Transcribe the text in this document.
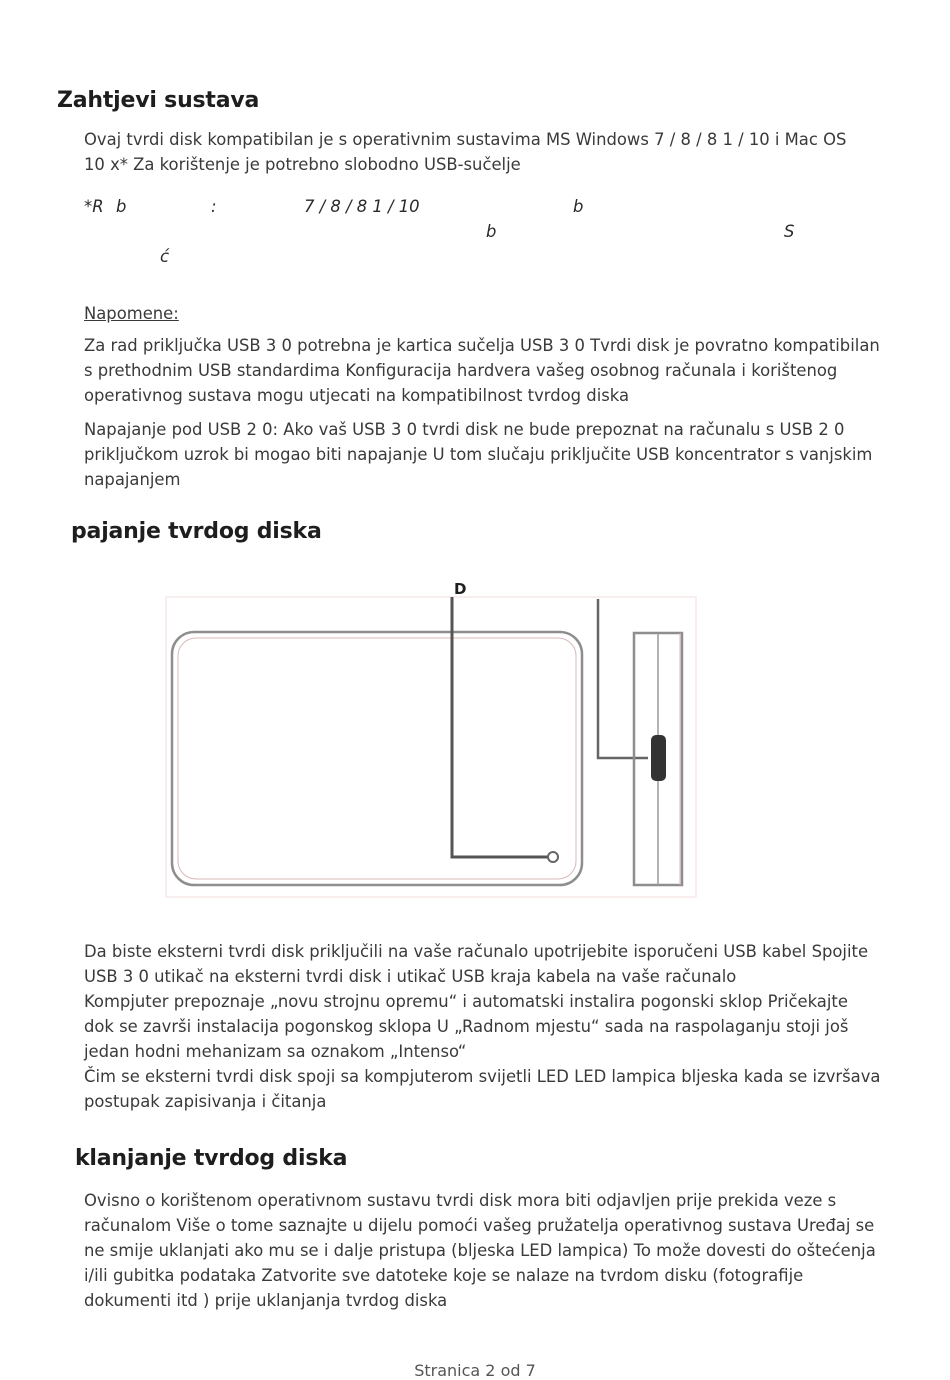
Zahtjevi sustava

Ovaj tvrdi disk kompatibilan je s operativnim sustavima MS Windows 7 / 8 / 8 1 / 10 i Mac OS
10 x* Za korištenje je potrebno slobodno USB-sučelje

*R b	:	7 / 8 / 8 1 / 10	b
b	S
ć

Napomene:

Za rad priključka USB 3 0 potrebna je kartica sučelja USB 3 0 Tvrdi disk je povratno kompatibilan
s prethodnim USB standardima Konfiguracija hardvera vašeg osobnog računala i korištenog
operativnog sustava mogu utjecati na kompatibilnost tvrdog diska

Napajanje pod USB 2 0: Ako vaš USB 3 0 tvrdi disk ne bude prepoznat na računalu s USB 2 0
priključkom uzrok bi mogao biti napajanje U tom slučaju priključite USB koncentrator s vanjskim
napajanjem

pajanje tvrdog diska
D

Da biste eksterni tvrdi disk priključili na vaše računalo upotrijebite isporučeni USB kabel Spojite
USB 3 0 utikač na eksterni tvrdi disk i utikač USB kraja kabela na vaše računalo
Kompjuter prepoznaje „novu strojnu opremu“ i automatski instalira pogonski sklop Pričekajte
dok se završi instalacija pogonskog sklopa U „Radnom mjestu“ sada na raspolaganju stoji još
jedan hodni mehanizam sa oznakom „Intenso“
Čim se eksterni tvrdi disk spoji sa kompjuterom svijetli LED LED lampica bljeska kada se izvršava
postupak zapisivanja i čitanja

klanjanje tvrdog diska

Ovisno o korištenom operativnom sustavu tvrdi disk mora biti odjavljen prije prekida veze s
računalom Više o tome saznajte u dijelu pomoći vašeg pružatelja operativnog sustava Uređaj se
ne smije uklanjati ako mu se i dalje pristupa (bljeska LED lampica) To može dovesti do oštećenja
i/ili gubitka podataka Zatvorite sve datoteke koje se nalaze na tvrdom disku (fotografije
dokumenti itd ) prije uklanjanja tvrdog diska

Stranica 2 od 7
